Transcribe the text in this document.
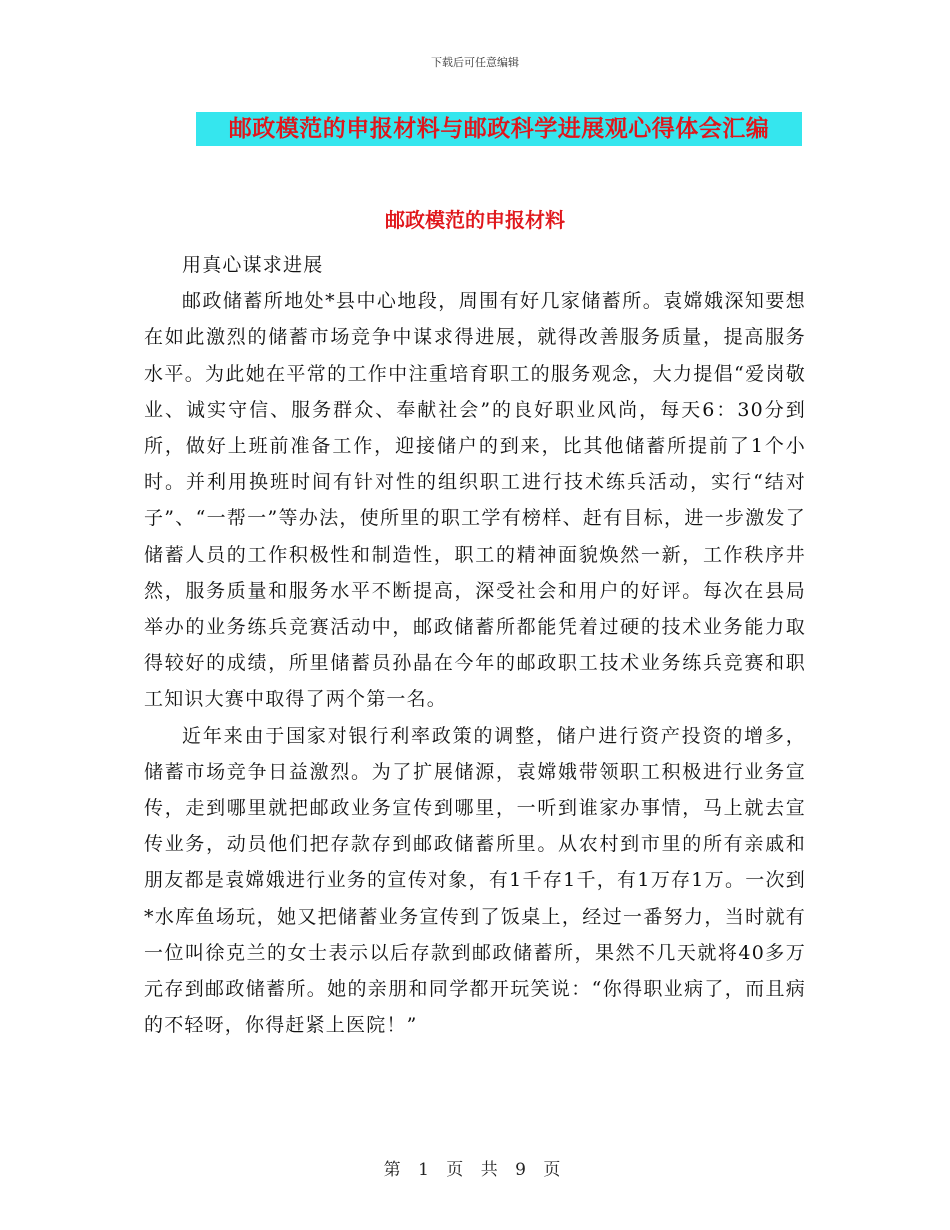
下载后可任意编辑
邮政模范的申报材料与邮政科学进展观心得体会汇编
邮政模范的申报材料

用真心谋求进展

邮政储蓄所地处*县中心地段，周围有好几家储蓄所。袁嫦娥深知要想在如此激烈的储蓄市场竞争中谋求得进展，就得改善服务质量，提高服务水平。为此她在平常的工作中注重培育职工的服务观念，大力提倡“爱岗敬业、诚实守信、服务群众、奉献社会”的良好职业风尚，每天6：30分到所，做好上班前准备工作，迎接储户的到来，比其他储蓄所提前了1个小时。并利用换班时间有针对性的组织职工进行技术练兵活动，实行“结对子”、“一帮一”等办法，使所里的职工学有榜样、赶有目标，进一步激发了储蓄人员的工作积极性和制造性，职工的精神面貌焕然一新，工作秩序井然，服务质量和服务水平不断提高，深受社会和用户的好评。每次在县局举办的业务练兵竞赛活动中，邮政储蓄所都能凭着过硬的技术业务能力取得较好的成绩，所里储蓄员孙晶在今年的邮政职工技术业务练兵竞赛和职工知识大赛中取得了两个第一名。

近年来由于国家对银行利率政策的调整，储户进行资产投资的增多，储蓄市场竞争日益激烈。为了扩展储源，袁嫦娥带领职工积极进行业务宣传，走到哪里就把邮政业务宣传到哪里，一听到谁家办事情，马上就去宣传业务，动员他们把存款存到邮政储蓄所里。从农村到市里的所有亲戚和朋友都是袁嫦娥进行业务的宣传对象，有1千存1千，有1万存1万。一次到*水库鱼场玩，她又把储蓄业务宣传到了饭桌上，经过一番努力，当时就有一位叫徐克兰的女士表示以后存款到邮政储蓄所，果然不几天就将40多万元存到邮政储蓄所。她的亲朋和同学都开玩笑说：“你得职业病了，而且病的不轻呀，你得赶紧上医院！”

第 1 页 共 9 页
